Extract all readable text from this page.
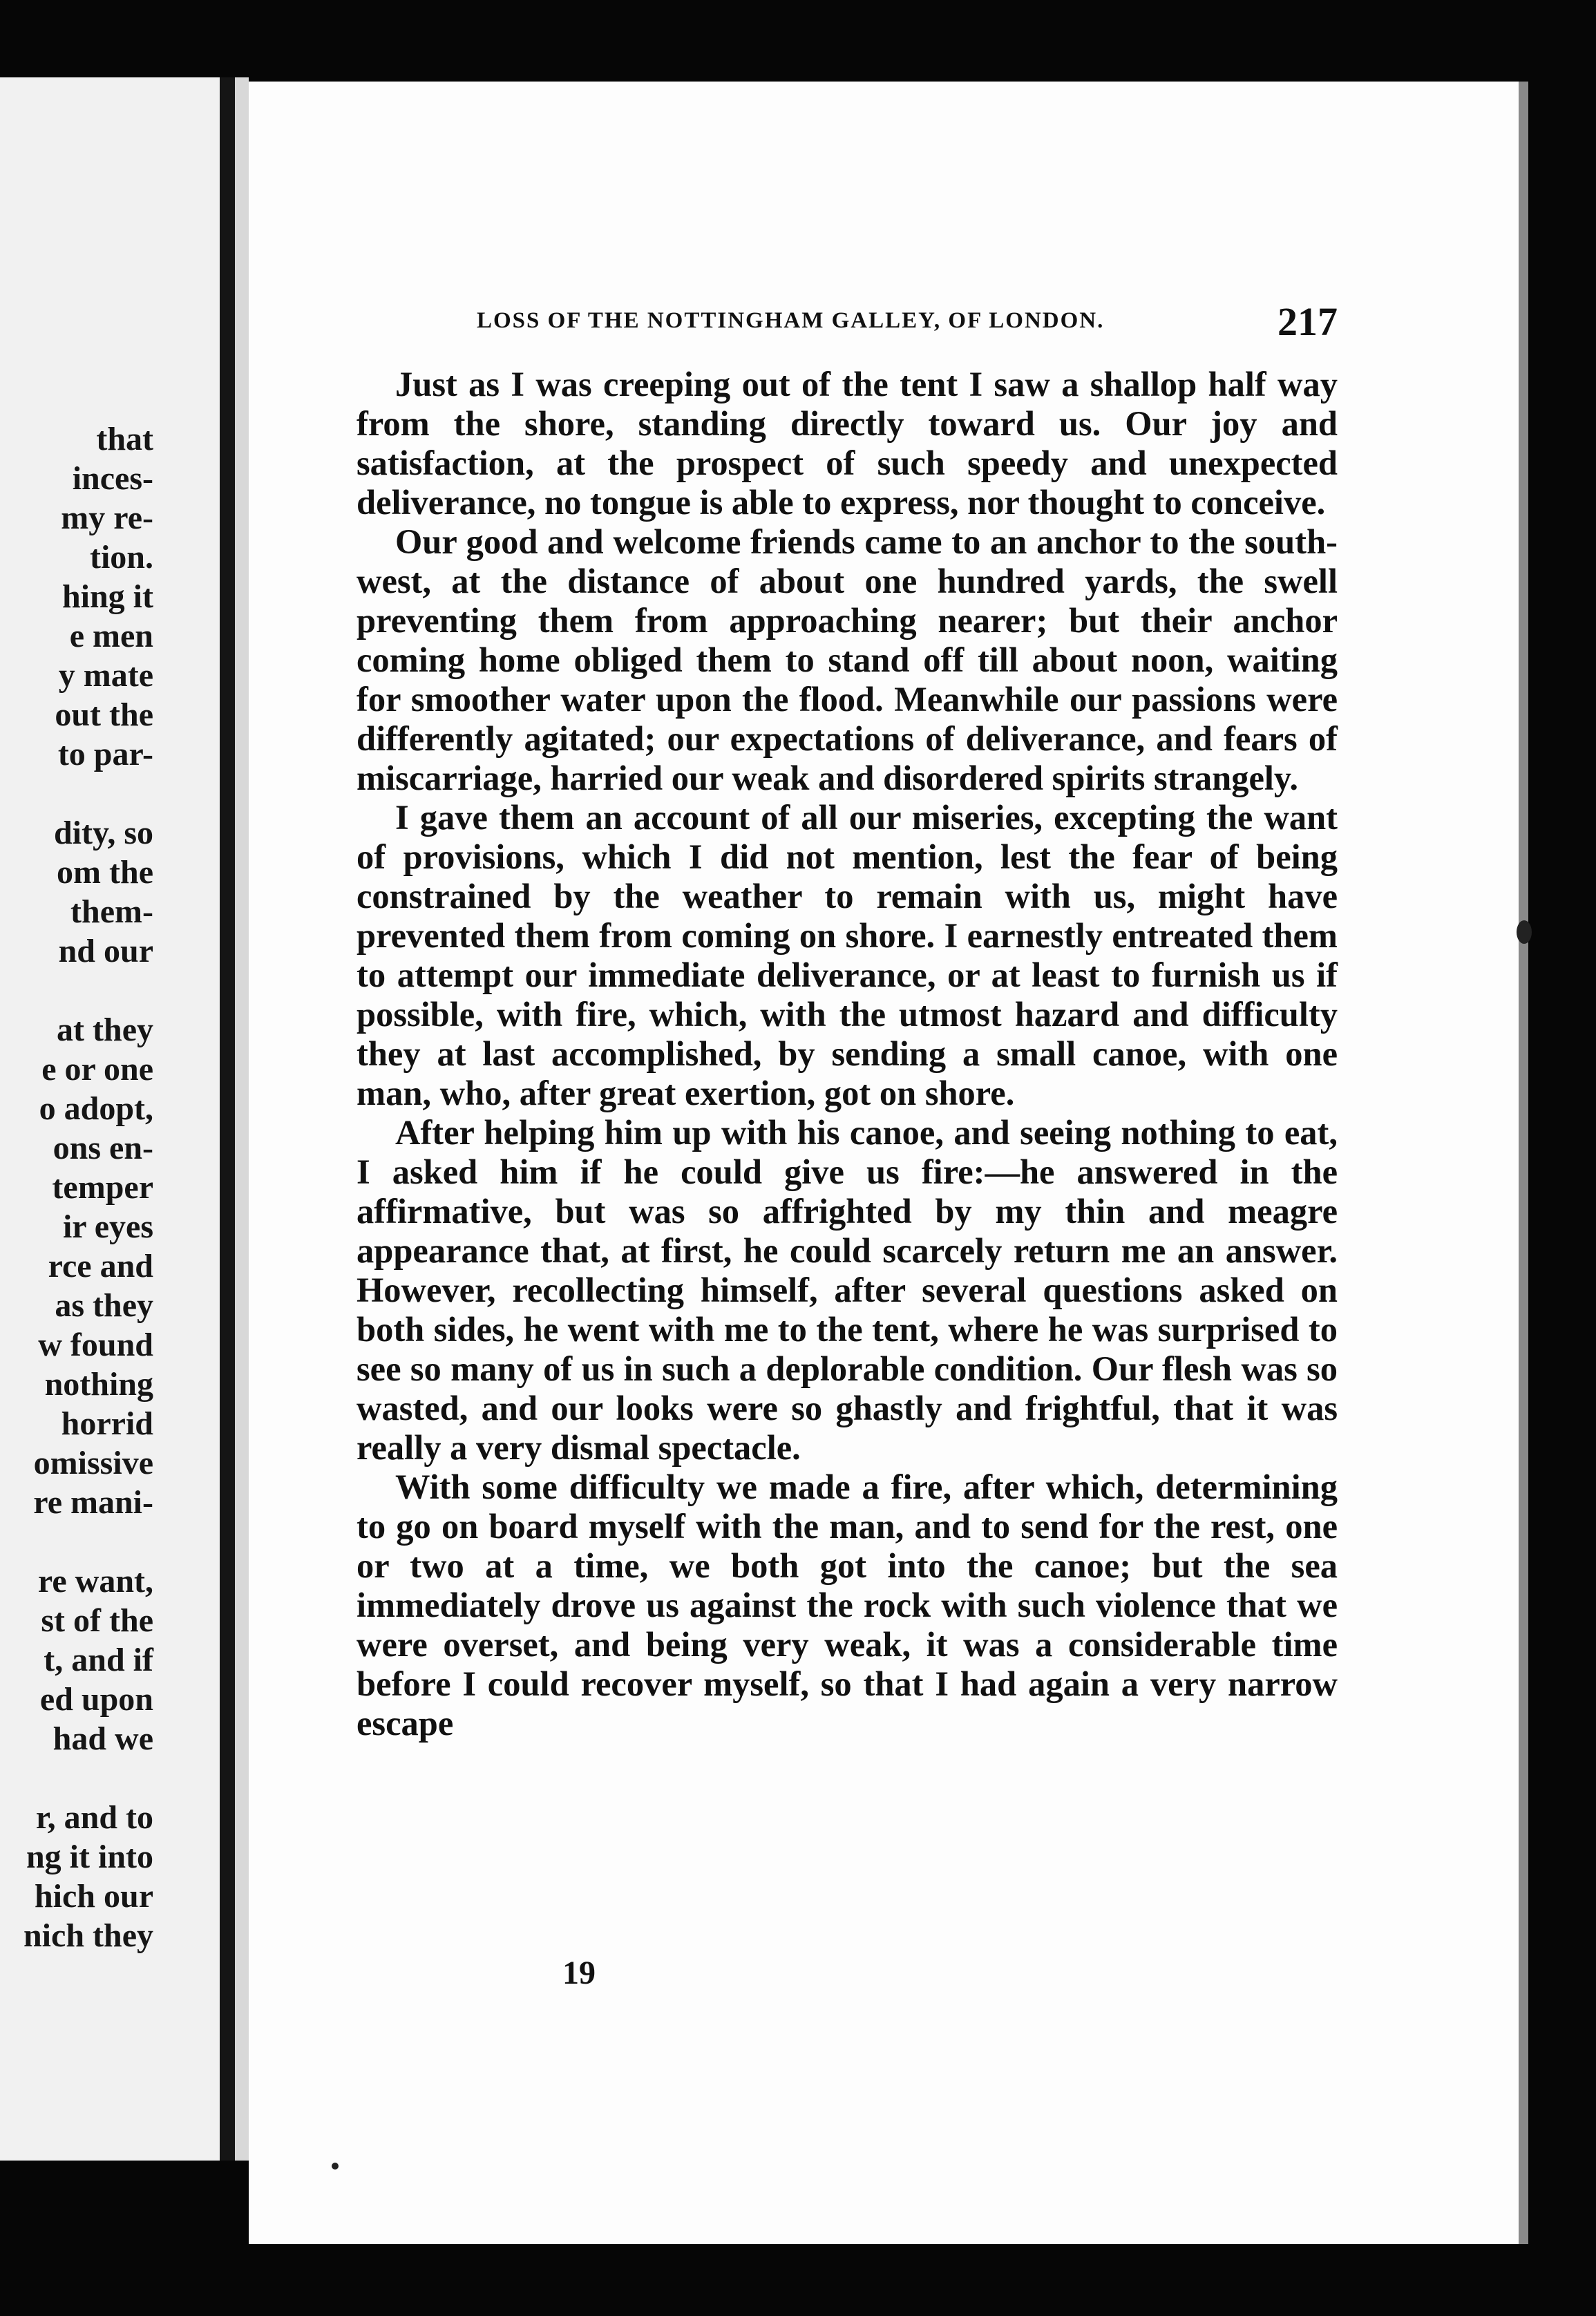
that
inces-
my re-
tion.
hing it
e men
y mate
out the
to par-
dity, so
om the
them-
nd our
at they
e or one
o adopt,
ons en-
temper
ir eyes
rce and
as they
w found
nothing
horrid
omissive
re mani-
re want,
st of the
t, and if
ed upon
had we
r, and to
ng it into
hich our
nich they
LOSS OF THE NOTTINGHAM GALLEY, OF LONDON.	217

Just as I was creeping out of the tent I saw a shallop half way from the shore, standing directly toward us. Our joy and satisfaction, at the prospect of such speedy and unexpected deliverance, no tongue is able to express, nor thought to conceive.

Our good and welcome friends came to an anchor to the south-west, at the distance of about one hundred yards, the swell preventing them from approaching nearer; but their anchor coming home obliged them to stand off till about noon, waiting for smoother water upon the flood. Meanwhile our passions were differently agitated; our expectations of deliverance, and fears of miscarriage, harried our weak and disordered spirits strangely.

I gave them an account of all our miseries, excepting the want of provisions, which I did not mention, lest the fear of being constrained by the weather to remain with us, might have prevented them from coming on shore. I earnestly entreated them to attempt our immediate deliverance, or at least to furnish us if possible, with fire, which, with the utmost hazard and difficulty they at last accomplished, by sending a small canoe, with one man, who, after great exertion, got on shore.

After helping him up with his canoe, and seeing nothing to eat, I asked him if he could give us fire:—he answered in the affirmative, but was so affrighted by my thin and meagre appearance that, at first, he could scarcely return me an answer. However, recollecting himself, after several questions asked on both sides, he went with me to the tent, where he was surprised to see so many of us in such a deplorable condition. Our flesh was so wasted, and our looks were so ghastly and frightful, that it was really a very dismal spectacle.

With some difficulty we made a fire, after which, determining to go on board myself with the man, and to send for the rest, one or two at a time, we both got into the canoe; but the sea immediately drove us against the rock with such violence that we were overset, and being very weak, it was a considerable time before I could recover myself, so that I had again a very narrow escape

19
